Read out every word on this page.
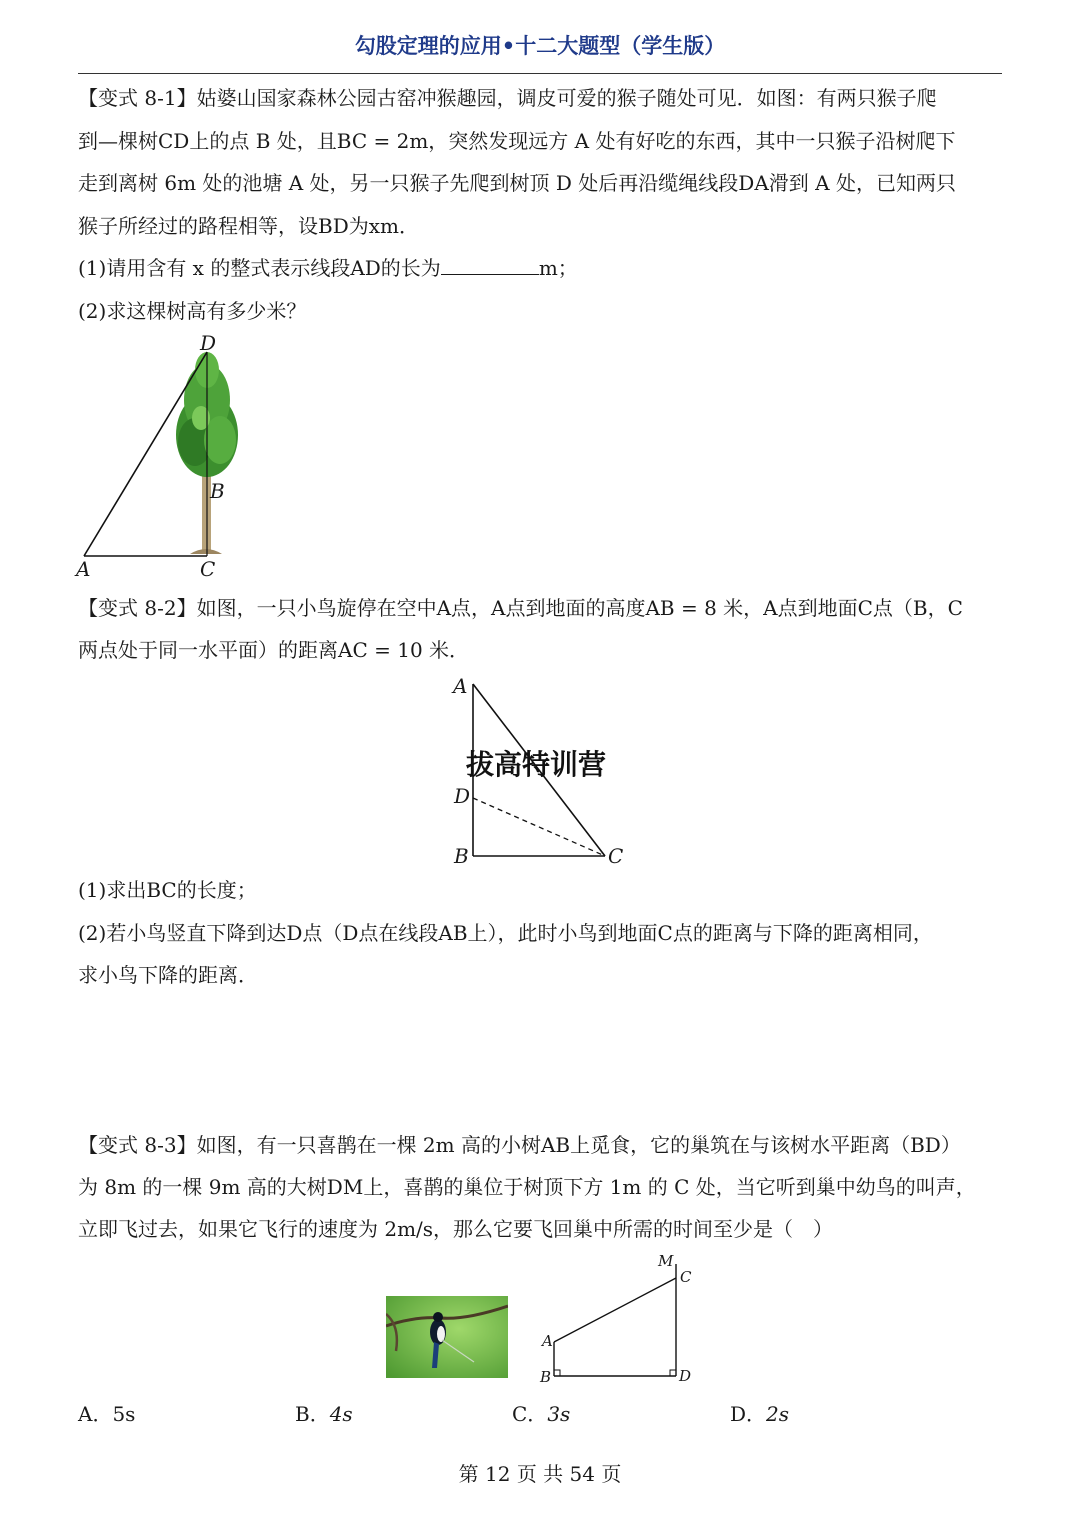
勾股定理的应用•十二大题型（学生版）
【变式 8-1】姑婆山国家森林公园古窑冲猴趣园，调皮可爱的猴子随处可见．如图：有两只猴子爬
到—棵树CD上的点 B 处，且BC = 2m，突然发现远方 A 处有好吃的东西，其中一只猴子沿树爬下
走到离树 6m 处的池塘 A 处，另一只猴子先爬到树顶 D 处后再沿缆绳线段DA滑到 A 处，已知两只
猴子所经过的路程相等，设BD为xm．
(1)请用含有 x 的整式表示线段AD的长为	m；
(2)求这棵树高有多少米？
D
B
A	C
【变式 8-2】如图，一只小鸟旋停在空中A点，A点到地面的高度AB = 8 米，A点到地面C点（B，C
两点处于同一水平面）的距离AC = 10 米．
A
D
B	C
拔高特训营
(1)求出BC的长度；
(2)若小鸟竖直下降到达D点（D点在线段AB上），此时小鸟到地面C点的距离与下降的距离相同，
求小鸟下降的距离．
【变式 8-3】如图，有一只喜鹊在一棵 2m 高的小树AB上觅食，它的巢筑在与该树水平距离（BD）
为 8m 的一棵 9m 高的大树DM上，喜鹊的巢位于树顶下方 1m 的 C 处，当它听到巢中幼鸟的叫声，
立即飞过去，如果它飞行的速度为 2m/s，那么它要飞回巢中所需的时间至少是（　）
M
C
A
B	D
A．5s	B．4s	C．3s	D．2s
第 12 页 共 54 页
